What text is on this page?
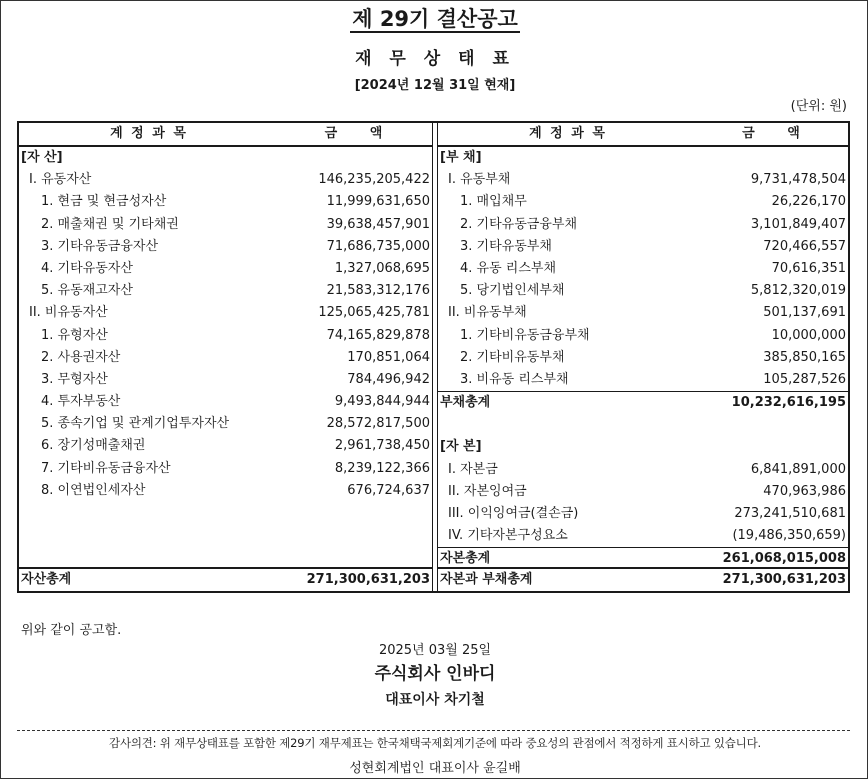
제 29기 결산공고
재 무 상 태 표
[2024년 12월 31일 현재]
(단위: 원)
계 정 과 목	금 액
[자 산]
I. 유동자산	146,235,205,422
1. 현금 및 현금성자산	11,999,631,650
2. 매출채권 및 기타채권	39,638,457,901
3. 기타유동금융자산	71,686,735,000
4. 기타유동자산	1,327,068,695
5. 유동재고자산	21,583,312,176
II. 비유동자산	125,065,425,781
1. 유형자산	74,165,829,878
2. 사용권자산	170,851,064
3. 무형자산	784,496,942
4. 투자부동산	9,493,844,944
5. 종속기업 및 관계기업투자자산	28,572,817,500
6. 장기성매출채권	2,961,738,450
7. 기타비유동금융자산	8,239,122,366
8. 이연법인세자산	676,724,637
자산총계	271,300,631,203
계 정 과 목	금 액
[부 채]
I. 유동부채	9,731,478,504
1. 매입채무	26,226,170
2. 기타유동금융부채	3,101,849,407
3. 기타유동부채	720,466,557
4. 유동 리스부채	70,616,351
5. 당기법인세부채	5,812,320,019
II. 비유동부채	501,137,691
1. 기타비유동금융부채	10,000,000
2. 기타비유동부채	385,850,165
3. 비유동 리스부채	105,287,526
부채총계	10,232,616,195
[자 본]
I. 자본금	6,841,891,000
II. 자본잉여금	470,963,986
III. 이익잉여금(결손금)	273,241,510,681
IV. 기타자본구성요소	(19,486,350,659)
자본총계	261,068,015,008
자본과 부채총계	271,300,631,203
위와 같이 공고함.
2025년 03월 25일
주식회사 인바디
대표이사 차기철
감사의견: 위 재무상태표를 포함한 제29기 재무제표는 한국채택국제회계기준에 따라 중요성의 관점에서 적정하게 표시하고 있습니다.
성현회계법인 대표이사 윤길배
